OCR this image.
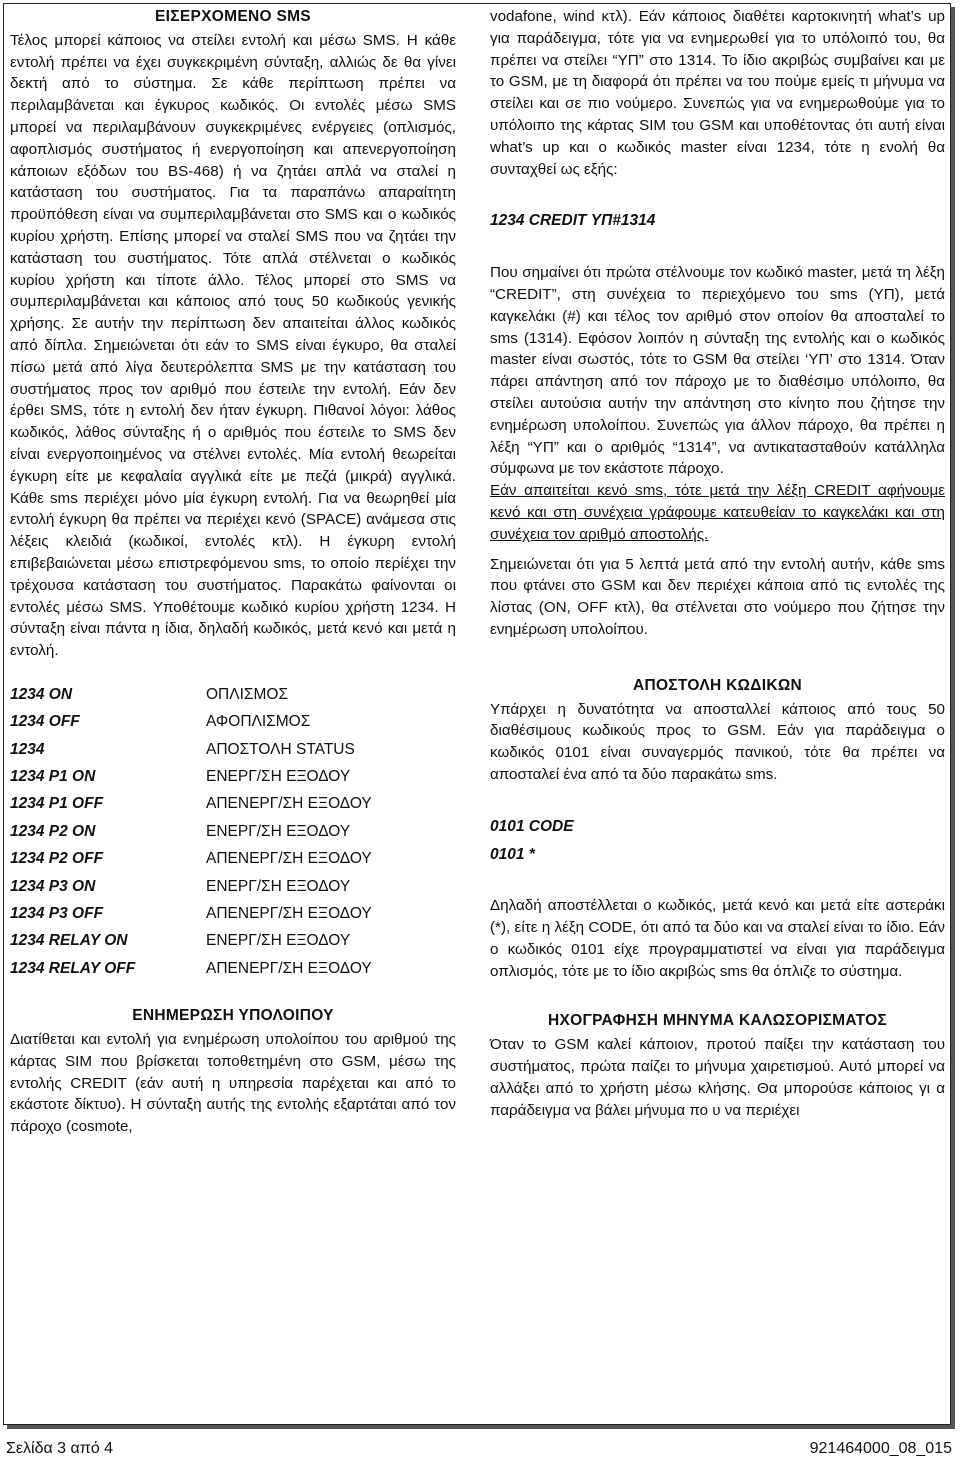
ΕΙΣΕΡΧΟΜΕΝΟ SMS

Τέλος μπορεί κάποιος να στείλει εντολή και μέσω SMS. Η κάθε εντολή πρέπει να έχει συγκεκριμένη σύνταξη, αλλιώς δε θα γίνει δεκτή από το σύστημα. Σε κάθε περίπτωση πρέπει να περιλαμβάνεται και έγκυρος κωδικός. Οι εντολές μέσω SMS μπορεί να περιλαμβάνουν συγκεκριμένες ενέργειες (οπλισμός, αφοπλισμός συστήματος ή ενεργοποίηση και απενεργοποίηση κάποιων εξόδων του BS-468) ή να ζητάει απλά να σταλεί η κατάσταση του συστήματος. Για τα παραπάνω απαραίτητη προϋπόθεση είναι να συμπεριλαμβάνεται στο SMS και ο κωδικός κυρίου χρήστη. Επίσης μπορεί να σταλεί SMS που να ζητάει την κατάσταση του συστήματος. Τότε απλά στέλνεται ο κωδικός κυρίου χρήστη και τίποτε άλλο. Τέλος μπορεί στο SMS να συμπεριλαμβάνεται και κάποιος από τους 50 κωδικούς γενικής χρήσης. Σε αυτήν την περίπτωση δεν απαιτείται άλλος κωδικός από δίπλα. Σημειώνεται ότι εάν το SMS είναι έγκυρο, θα σταλεί πίσω μετά από λίγα δευτερόλεπτα SMS με την κατάσταση του συστήματος προς τον αριθμό που έστειλε την εντολή. Εάν δεν έρθει SMS, τότε η εντολή δεν ήταν έγκυρη. Πιθανοί λόγοι: λάθος κωδικός, λάθος σύνταξης ή ο αριθμός που έστειλε το SMS δεν είναι ενεργοποιημένος να στέλνει εντολές. Μία εντολή θεωρείται έγκυρη είτε με κεφαλαία αγγλικά είτε με πεζά (μικρά) αγγλικά. Κάθε sms περιέχει μόνο μία έγκυρη εντολή. Για να θεωρηθεί μία εντολή έγκυρη θα πρέπει να περιέχει κενό (SPACE) ανάμεσα στις λέξεις κλειδιά (κωδικοί, εντολές κτλ). Η έγκυρη εντολή επιβεβαιώνεται μέσω επιστρεφόμενου sms, το οποίο περίέχει την τρέχουσα κατάσταση του συστήματος. Παρακάτω φαίνονται οι εντολές μέσω SMS. Υποθέτουμε κωδικό κυρίου χρήστη 1234. Η σύνταξη είναι πάντα η ίδια, δηλαδή κωδικός, μετά κενό και μετά η εντολή.

1234 ON	ΟΠΛΙΣΜΟΣ
1234 OFF	ΑΦΟΠΛΙΣΜΟΣ
1234	ΑΠΟΣΤΟΛΗ STATUS
1234 P1 ON	ΕΝΕΡΓ/ΣΗ ΕΞΟΔΟΥ
1234 P1 OFF	ΑΠΕΝΕΡΓ/ΣΗ ΕΞΟΔΟΥ
1234 P2 ON	ΕΝΕΡΓ/ΣΗ ΕΞΟΔΟΥ
1234 P2 OFF	ΑΠΕΝΕΡΓ/ΣΗ ΕΞΟΔΟΥ
1234 P3 ON	ΕΝΕΡΓ/ΣΗ ΕΞΟΔΟΥ
1234 P3 OFF	ΑΠΕΝΕΡΓ/ΣΗ ΕΞΟΔΟΥ
1234 RELAY ON	ΕΝΕΡΓ/ΣΗ ΕΞΟΔΟΥ
1234 RELAY OFF	ΑΠΕΝΕΡΓ/ΣΗ ΕΞΟΔΟΥ
ΕΝΗΜΕΡΩΣΗ ΥΠΟΛΟΙΠΟΥ

Διατίθεται και εντολή για ενημέρωση υπολοίπου του αριθμού της κάρτας SIM που βρίσκεται τοποθετημένη στο GSM, μέσω της εντολής CREDIT (εάν αυτή η υπηρεσία παρέχεται και από το εκάστοτε δίκτυο). Η σύνταξη αυτής της εντολής εξαρτάται από τον πάροχο (cosmote,

vodafone, wind κτλ). Εάν κάποιος διαθέτει καρτοκινητή what’s up για παράδειγμα, τότε για να ενημερωθεί για το υπόλοιπό του, θα πρέπει να στείλει “ΥΠ” στο 1314. Το ίδιο ακριβώς συμβαίνει και με το GSM, με τη διαφορά ότι πρέπει να του πούμε εμείς τι μήνυμα να στείλει και σε πιο νούμερο. Συνεπώς για να ενημερωθούμε για το υπόλοιπο της κάρτας SIM του GSM και υποθέτοντας ότι αυτή είναι what’s up και ο κωδικός master είναι 1234, τότε η ενολή θα συνταχθεί ως εξής:

1234 CREDIT ΥΠ#1314

Που σημαίνει ότι πρώτα στέλνουμε τον κωδικό master, μετά τη λέξη “CREDIT”, στη συνέχεια το περιεχόμενο του sms (ΥΠ), μετά καγκελάκι (#) και τέλος τον αριθμό στον οποίον θα αποσταλεί το sms (1314). Εφόσον λοιπόν η σύνταξη της εντολής και ο κωδικός master είναι σωστός, τότε το GSM θα στείλει ‘ΥΠ’ στο 1314. Όταν πάρει απάντηση από τον πάροχο με το διαθέσιμο υπόλοιπο, θα στείλει αυτούσια αυτήν την απάντηση στο κίνητο που ζήτησε την ενημέρωση υπολοίπου. Συνεπώς για άλλον πάροχο, θα πρέπει η λέξη “ΥΠ” και ο αριθμός “1314”, να αντικατασταθούν κατάλληλα σύμφωνα με τον εκάστοτε πάροχο.

Εάν απαιτείται κενό sms, τότε μετά την λέξη CREDIT αφήνουμε κενό και στη συνέχεια γράφουμε κατευθείαν το καγκελάκι και στη συνέχεια τον αριθμό αποστολής.

Σημειώνεται ότι για 5 λεπτά μετά από την εντολή αυτήν, κάθε sms που φτάνει στο GSM και δεν περιέχει κάποια από τις εντολές της λίστας (ON, OFF κτλ), θα στέλνεται στο νούμερο που ζήτησε την ενημέρωση υπολοίπου.

ΑΠΟΣΤΟΛΗ ΚΩΔΙΚΩΝ

Υπάρχει η δυνατότητα να αποσταλλεί κάποιος από τους 50 διαθέσιμους κωδικούς προς το GSM. Εάν για παράδειγμα ο κωδικός 0101 είναι συναγερμός πανικού, τότε θα πρέπει να αποσταλεί ένα από τα δύο παρακάτω sms.

0101 CODE
0101 *

Δηλαδή αποστέλλεται ο κωδικός, μετά κενό και μετά είτε αστεράκι (*), είτε η λέξη CODE, ότι από τα δύο και να σταλεί είναι το ίδιο. Εάν ο κωδικός 0101 είχε προγραμματιστεί να είναι για παράδειγμα οπλισμός, τότε με το ίδιο ακριβώς sms θα όπλιζε το σύστημα.

ΗΧΟΓΡΑΦΗΣΗ ΜΗΝΥΜΑ ΚΑΛΩΣΟΡΙΣΜΑΤΟΣ

Όταν το GSM καλεί κάποιον, προτού παίξει την κατάσταση του συστήματος, πρώτα παίζει το μήνυμα χαιρετισμού. Αυτό μπορεί να αλλάξει από το χρήστη μέσω κλήσης. Θα μπορούσε κάποιος γι α παράδειγμα να βάλει μήνυμα πο υ να περιέχει

Σελίδα 3 από 4	921464000_08_015
